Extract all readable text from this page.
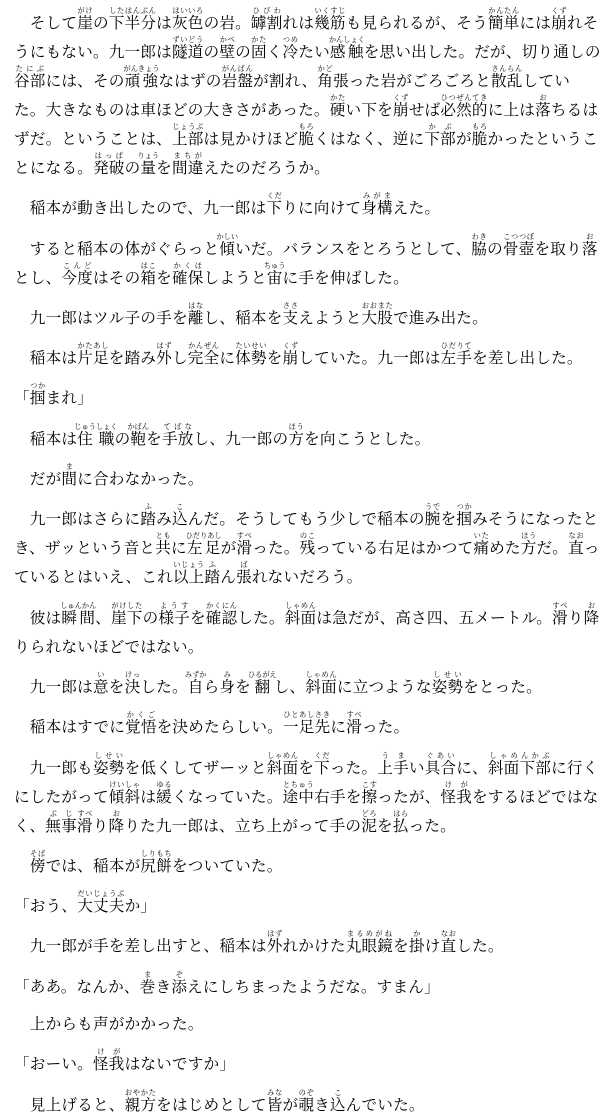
　そして崖がけの下半分したはんぶんは灰色はいいろの岩。罅割ひびわれは幾筋いくすじも見られるが、そう簡単かんたんには崩くずれそうにもない。九一郎は隧道ずいどうの壁かべの固かたく冷つめたい感触かんしょくを思い出した。だが、切り通しの谷部たにぶには、その頑強がんきょうなはずの岩盤がんばんが割れ、角かど張った岩がごろごろと散乱さんらんしていた。大きなものは車ほどの大きさがあった。硬かたい下を崩くずせば必然的ひつぜんてきに上は落おちるはずだ。ということは、上部じょうぶは見かけほど脆もろくはなく、逆に下部かぶが脆もろかったということになる。発破はっぱの量りょうを間違まちがえたのだろうか。

　稲本が動き出したので、九一郎は下くだりに向けて身構みがまえた。

　すると稲本の体がぐらっと傾かしいいだ。バランスをとろうとして、脇わきの骨壺こつつぼを取り落おとし、今度こんどはその箱はこを確保かくほしようと宙ちゅうに手を伸ばした。

　九一郎はツル子の手を離はなし、稲本を支ささえようと大股おおまたで進み出た。

　稲本は片足かたあしを踏み外はずし完全かんぜんに体勢たいせいを崩くずしていた。九一郎は左手ひだりてを差し出した。

「掴つかまれ」

　稲本は住職じゅうしょくの鞄かばんを手放てばなし、九一郎の方ほうを向こうとした。

　だが間まに合わなかった。

　九一郎はさらに踏ふみ込こんだ。そうしてもう少しで稲本の腕うでを掴つかみそうになったとき、ザッという音と共ともに左足ひだりあしが滑すべった。残のこっている右足はかつて痛いためた方ほうだ。直なおっているとはいえ、これ以上いじょう踏ふん張ばれないだろう。

　彼は瞬間しゅんかん、崖下がけしたの様子ようすを確認かくにんした。斜面しゃめんは急だが、高さ四、五メートル。滑すべり降おりられないほどではない。

　九一郎は意いを決けっした。自みずから身みを翻ひるがえし、斜面しゃめんに立つような姿勢しせいをとった。

　稲本はすでに覚悟かくごを決めたらしい。一足先ひとあしさきに滑すべった。

　九一郎も姿勢しせいを低くしてザーッと斜面しゃめんを下くだった。上手うまい具合ぐあいに、斜面下部しゃめんかぶに行くにしたがって傾斜けいしゃは緩ゆるくなっていた。途中とちゅう右手を擦こすったが、怪我けがをするほどではなく、無事ぶじ滑すべり降おりた九一郎は、立ち上がって手の泥どろを払はらった。

　傍そばでは、稲本が尻餅しりもちをついていた。

「おう、大丈夫だいじょうぶか」

　九一郎が手を差し出すと、稲本は外はずれかけた丸眼鏡まるめがねを掛かけ直なおした。

「ああ。なんか、巻まき添ぞえにしちまったようだな。すまん」

　上からも声がかかった。

「おーい。怪我けがはないですか」

　見上げると、親方おやかたをはじめとして皆みなが覗のぞき込こんでいた。
